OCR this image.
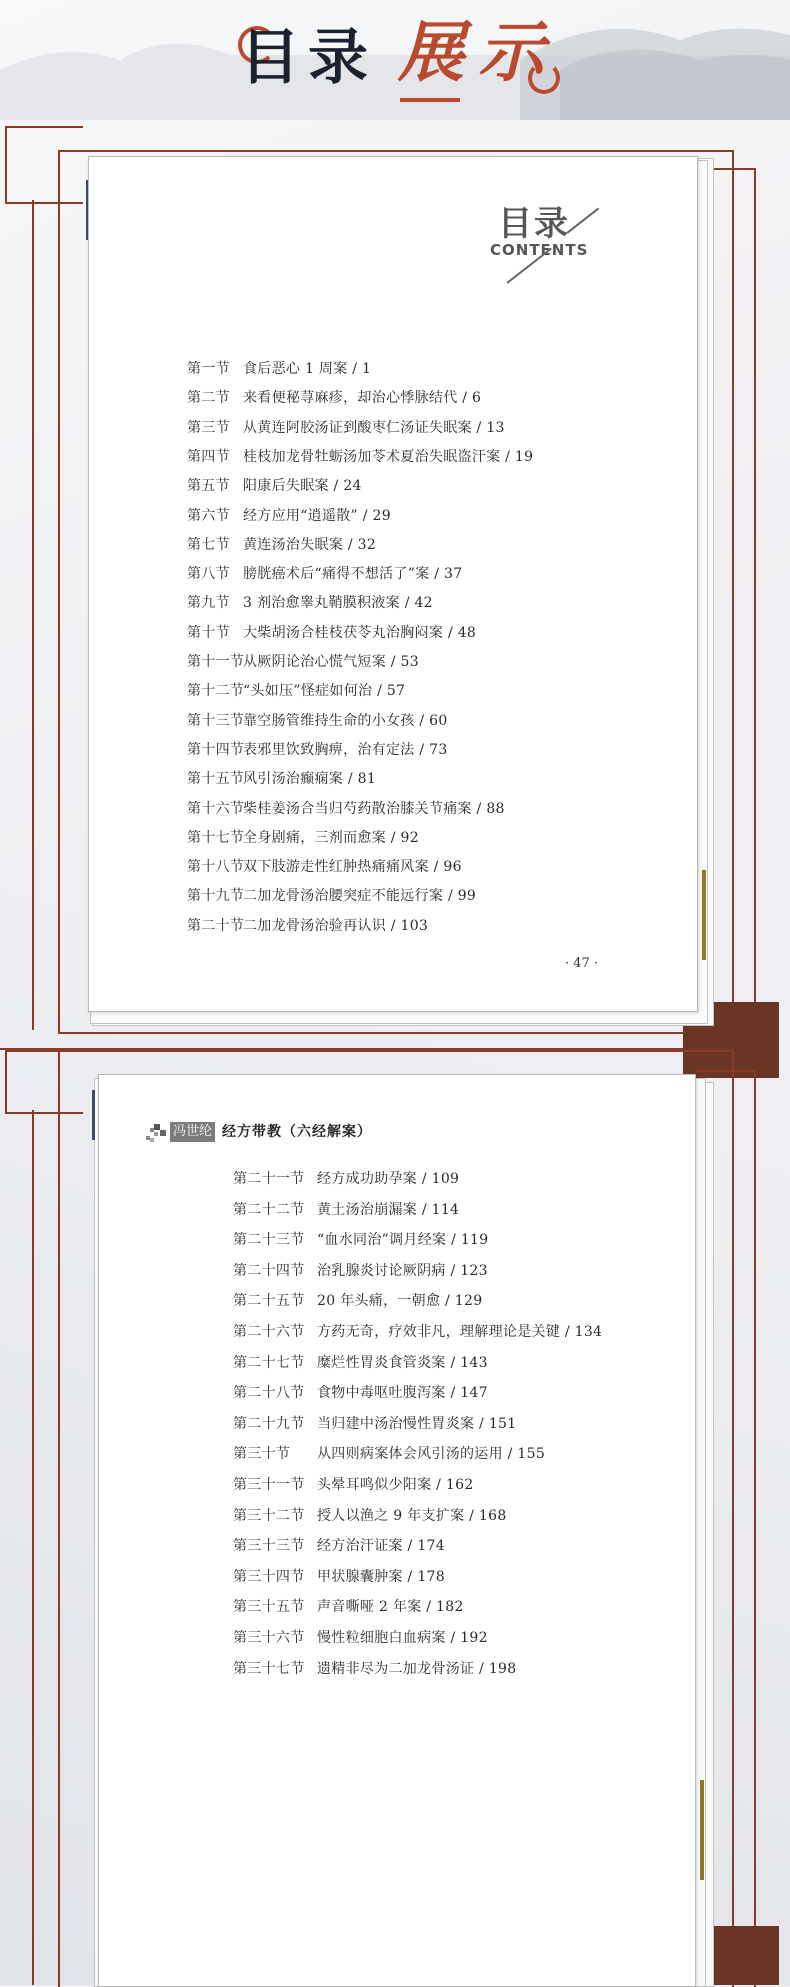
目 录 展 示
目录
CONTENTS
第一节 食后恶心 1 周案 / 1
第二节 来看便秘荨麻疹，却治心悸脉结代 / 6
第三节 从黄连阿胶汤证到酸枣仁汤证失眠案 / 13
第四节 桂枝加龙骨牡蛎汤加苓术夏治失眠盗汗案 / 19
第五节 阳康后失眠案 / 24
第六节 经方应用“逍遥散” / 29
第七节 黄连汤治失眠案 / 32
第八节 膀胱癌术后“痛得不想活了”案 / 37
第九节 3 剂治愈睾丸鞘膜积液案 / 42
第十节 大柴胡汤合桂枝茯苓丸治胸闷案 / 48
第十一节从厥阴论治心慌气短案 / 53
第十二节“头如压”怪症如何治 / 57
第十三节靠空肠管维持生命的小女孩 / 60
第十四节表邪里饮致胸痹，治有定法 / 73
第十五节风引汤治癫痫案 / 81
第十六节柴桂姜汤合当归芍药散治膝关节痛案 / 88
第十七节全身剧痛，三剂而愈案 / 92
第十八节双下肢游走性红肿热痛痛风案 / 96
第十九节二加龙骨汤治腰突症不能远行案 / 99
第二十节二加龙骨汤治验再认识 / 103
· 47 ·
冯世纶 经方带教（六经解案）
第二十一节 经方成功助孕案 / 109
第二十二节 黄土汤治崩漏案 / 114
第二十三节 “血水同治”调月经案 / 119
第二十四节 治乳腺炎讨论厥阴病 / 123
第二十五节 20 年头痛，一朝愈 / 129
第二十六节 方药无奇，疗效非凡，理解理论是关键 / 134
第二十七节 糜烂性胃炎食管炎案 / 143
第二十八节 食物中毒呕吐腹泻案 / 147
第二十九节 当归建中汤治慢性胃炎案 / 151
第三十节 从四则病案体会风引汤的运用 / 155
第三十一节 头晕耳鸣似少阳案 / 162
第三十二节 授人以渔之 9 年支扩案 / 168
第三十三节 经方治汗证案 / 174
第三十四节 甲状腺囊肿案 / 178
第三十五节 声音嘶哑 2 年案 / 182
第三十六节 慢性粒细胞白血病案 / 192
第三十七节 遗精非尽为二加龙骨汤证 / 198
